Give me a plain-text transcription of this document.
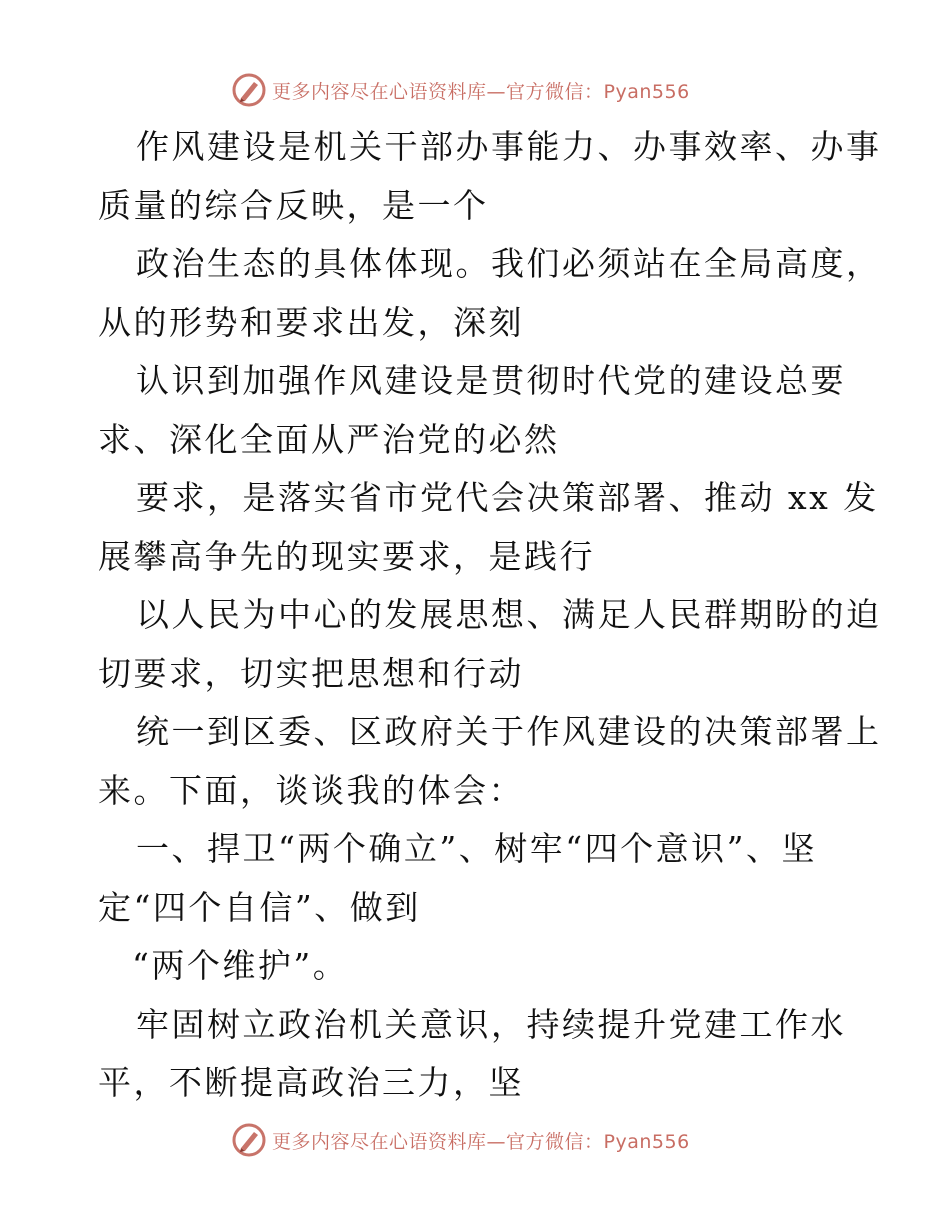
更多内容尽在心语资料库—官方微信：Pyan556
作风建设是机关干部办事能力、办事效率、办事
质量的综合反映，是一个
政治生态的具体体现。我们必须站在全局高度，
从的形势和要求出发，深刻
认识到加强作风建设是贯彻时代党的建设总要
求、深化全面从严治党的必然
要求，是落实省市党代会决策部署、推动 xx 发
展攀高争先的现实要求，是践行
以人民为中心的发展思想、满足人民群期盼的迫
切要求，切实把思想和行动
统一到区委、区政府关于作风建设的决策部署上
来。下面，谈谈我的体会：
一、捍卫“两个确立”、树牢“四个意识”、坚
定“四个自信”、做到
“两个维护”。
牢固树立政治机关意识，持续提升党建工作水
平，不断提高政治三力，坚
更多内容尽在心语资料库—官方微信：Pyan556
